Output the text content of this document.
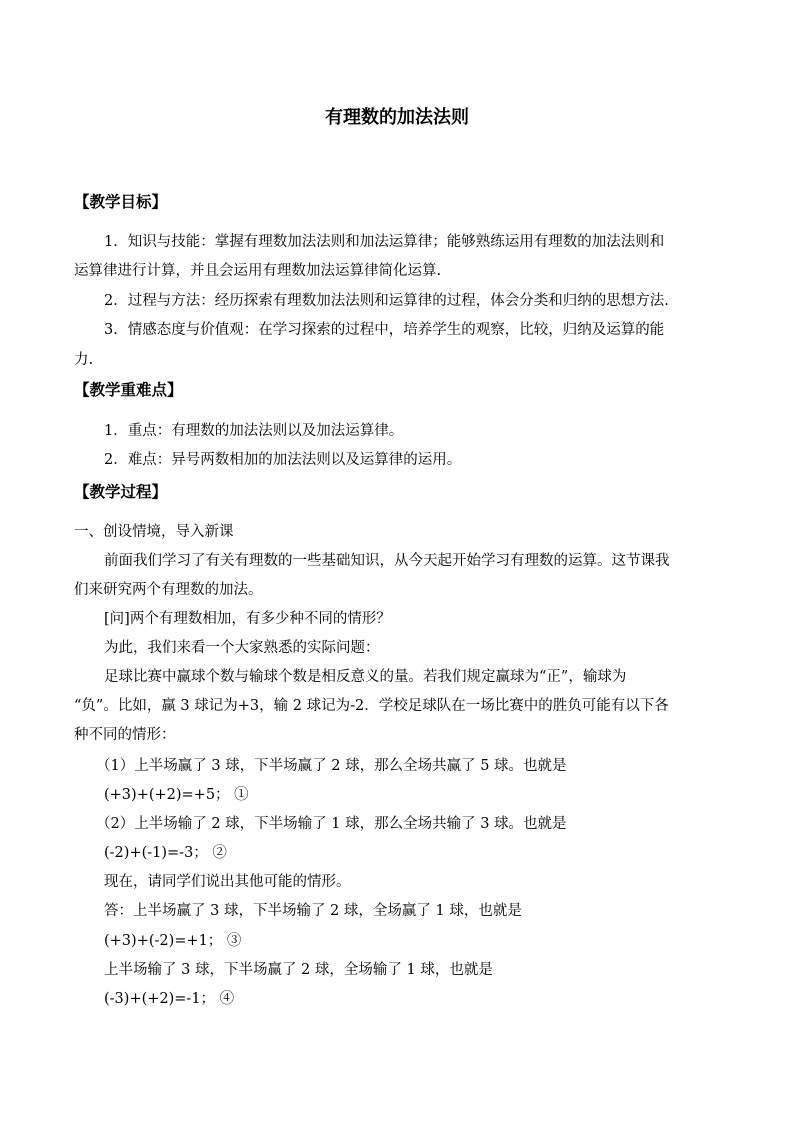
有理数的加法法则
【教学目标】
1．知识与技能：掌握有理数加法法则和加法运算律；能够熟练运用有理数的加法法则和
运算律进行计算，并且会运用有理数加法运算律简化运算.
2．过程与方法：经历探索有理数加法法则和运算律的过程，体会分类和归纳的思想方法.
3．情感态度与价值观：在学习探索的过程中，培养学生的观察，比较，归纳及运算的能
力.
【教学重难点】
1．重点：有理数的加法法则以及加法运算律。
2．难点：异号两数相加的加法法则以及运算律的运用。
【教学过程】
一、创设情境，导入新课
前面我们学习了有关有理数的一些基础知识，从今天起开始学习有理数的运算。这节课我
们来研究两个有理数的加法。
[问]两个有理数相加，有多少种不同的情形？
为此，我们来看一个大家熟悉的实际问题：
足球比赛中赢球个数与输球个数是相反意义的量。若我们规定赢球为“正”，输球为
“负”。比如，赢 3 球记为+3，输 2 球记为-2．学校足球队在一场比赛中的胜负可能有以下各
种不同的情形：
（1）上半场赢了 3 球，下半场赢了 2 球，那么全场共赢了 5 球。也就是
(+3)+(+2)=+5； ①
（2）上半场输了 2 球，下半场输了 1 球，那么全场共输了 3 球。也就是
(-2)+(-1)=-3； ②
现在，请同学们说出其他可能的情形。
答：上半场赢了 3 球，下半场输了 2 球，全场赢了 1 球，也就是
(+3)+(-2)=+1； ③
上半场输了 3 球，下半场赢了 2 球，全场输了 1 球，也就是
(-3)+(+2)=-1； ④
